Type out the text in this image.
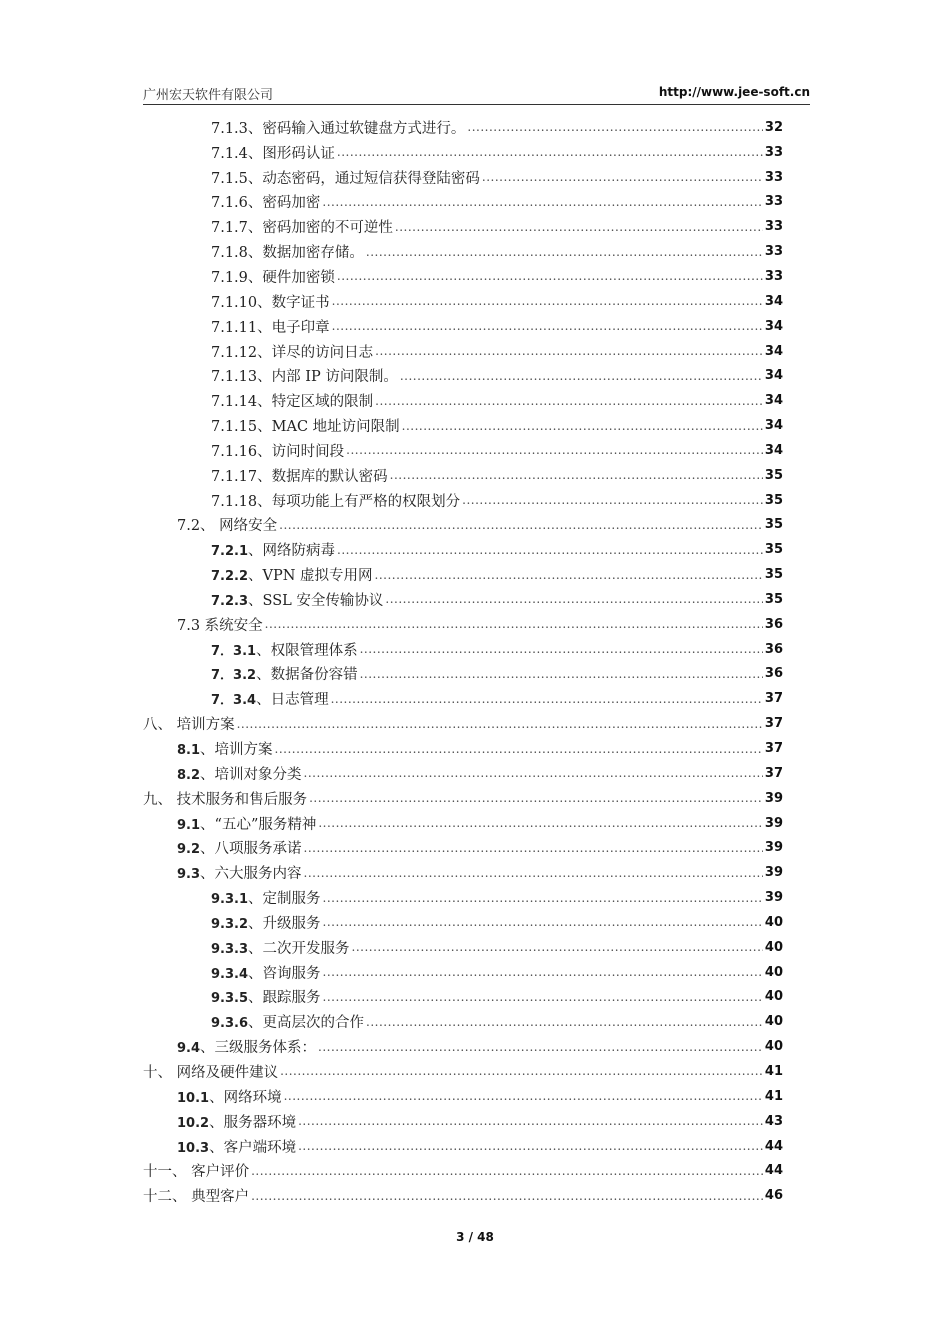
广州宏天软件有限公司	http://www.jee-soft.cn
7.1.3、密码输入通过软键盘方式进行。 .....	32
7.1.4、图形码认证 .....	33
7.1.5、动态密码，通过短信获得登陆密码 .....	33
7.1.6、密码加密 .....	33
7.1.7、密码加密的不可逆性 .....	33
7.1.8、数据加密存储。 .....	33
7.1.9、硬件加密锁 .....	33
7.1.10、数字证书 .....	34
7.1.11、电子印章 .....	34
7.1.12、详尽的访问日志 .....	34
7.1.13、内部 IP 访问限制。 .....	34
7.1.14、特定区域的限制 .....	34
7.1.15、MAC 地址访问限制 .....	34
7.1.16、访问时间段 .....	34
7.1.17、数据库的默认密码 .....	35
7.1.18、每项功能上有严格的权限划分 .....	35
7.2、 网络安全 .....	35
7.2.1、网络防病毒 .....	35
7.2.2、VPN 虚拟专用网 .....	35
7.2.3、SSL 安全传输协议 .....	35
7.3 系统安全 .....	36
7．3.1、权限管理体系 .....	36
7．3.2、数据备份容错 .....	36
7．3.4、日志管理 .....	37
八、 培训方案 .....	37
8.1、培训方案 .....	37
8.2、培训对象分类 .....	37
九、 技术服务和售后服务 .....	39
9.1、“五心”服务精神 .....	39
9.2、八项服务承诺 .....	39
9.3、六大服务内容 .....	39
9.3.1、定制服务 .....	39
9.3.2、升级服务 .....	40
9.3.3、二次开发服务 .....	40
9.3.4、咨询服务 .....	40
9.3.5、跟踪服务 .....	40
9.3.6、更高层次的合作 .....	40
9.4、三级服务体系： .....	40
十、 网络及硬件建议 .....	41
10.1、网络环境 .....	41
10.2、服务器环境 .....	43
10.3、客户端环境 .....	44
十一、 客户评价 .....	44
十二、 典型客户 .....	46
3 / 48
